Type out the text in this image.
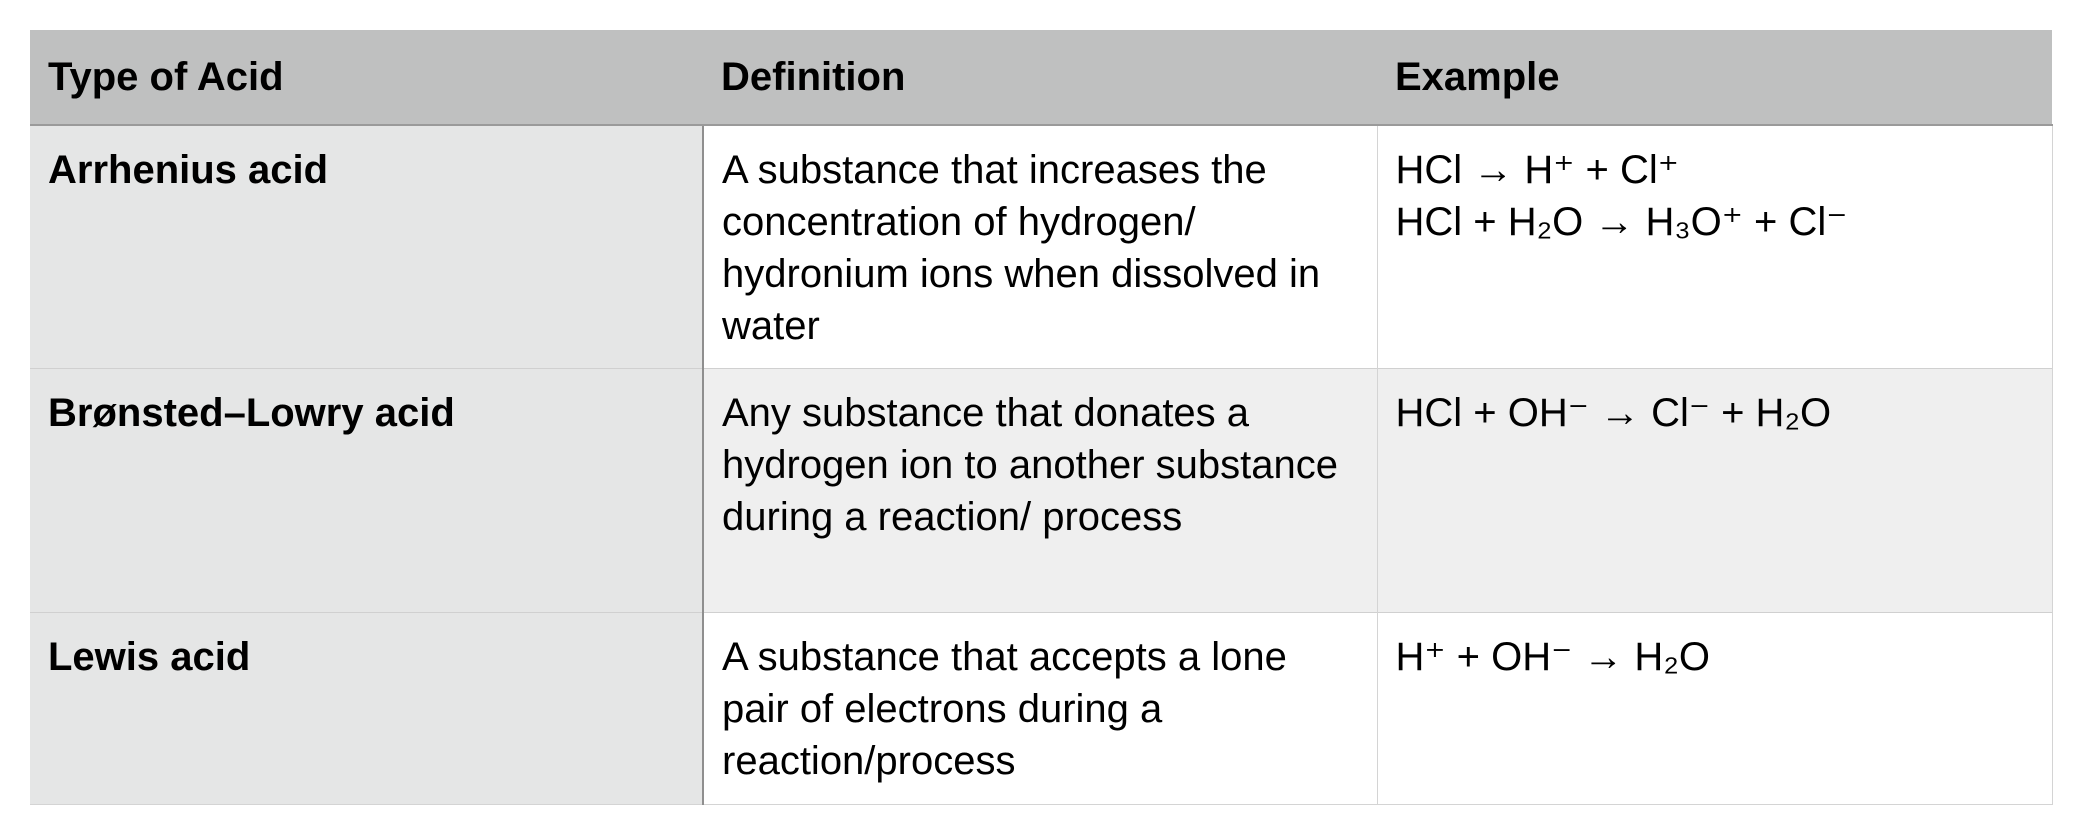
Type of Acid	Definition	Example
Arrhenius acid	A substance that increases the concentration of hydrogen/ hydronium ions when dissolved in water	HCl → H⁺ + Cl⁺
HCl + H₂O → H₃O⁺ + Cl⁻

Brønsted–Lowry acid	Any substance that donates a hydrogen ion to another substance during a reaction/ process	HCl + OH⁻ → Cl⁻ + H₂O

Lewis acid	A substance that accepts a lone pair of electrons during a reaction/process	H⁺ + OH⁻ → H₂O
